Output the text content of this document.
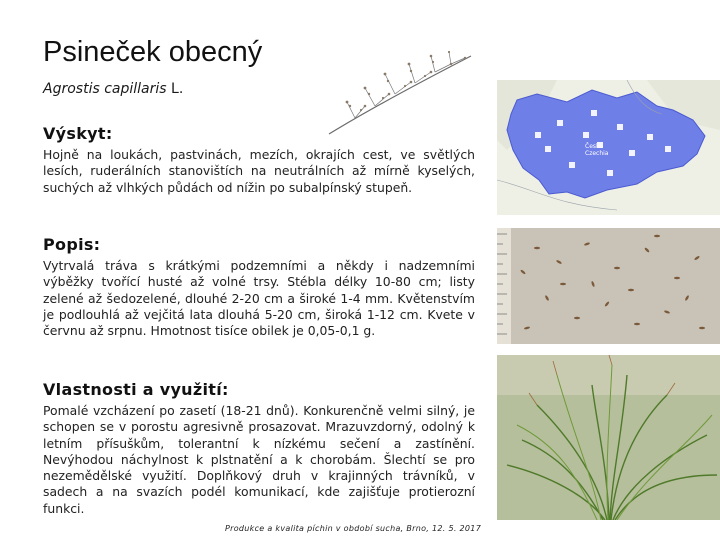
Psineček obecný
Agrostis capillaris L.
Výskyt:
Hojně na loukách, pastvinách, mezích, okrajích cest, ve světlých lesích, ruderálních stanovištích na neutrálních až mírně kyselých, suchých až vlhkých půdách od nížin po subalpínský stupeň.
Popis:
Vytrvalá tráva s krátkými podzemními a někdy i nadzemními výběžky tvořící husté až volné trsy. Stébla délky 10-80 cm; listy zelené až šedozelené, dlouhé 2-20 cm a široké 1-4 mm. Květenstvím je podlouhlá až vejčitá lata dlouhá 5-20 cm, široká 1-12 cm. Kvete v červnu až srpnu. Hmotnost tisíce obilek je 0,05-0,1 g.
Vlastnosti a využití:
Pomalé vzcházení po zasetí (18-21 dnů). Konkurenčně velmi silný, je schopen se v porostu agresivně prosazovat. Mrazuvzdorný, odolný k letním přísuškům, tolerantní k nízkému sečení a zastínění. Nevýhodou náchylnost k plstnatění a k chorobám. Šlechtí se pro nezemědělské využití. Doplňkový druh v krajinných trávníků, v sadech a na svazích podél komunikací, kde zajišťuje protierozní funkci.
Česko
Czechia
Produkce a kvalita píchin v období sucha, Brno, 12. 5. 2017
